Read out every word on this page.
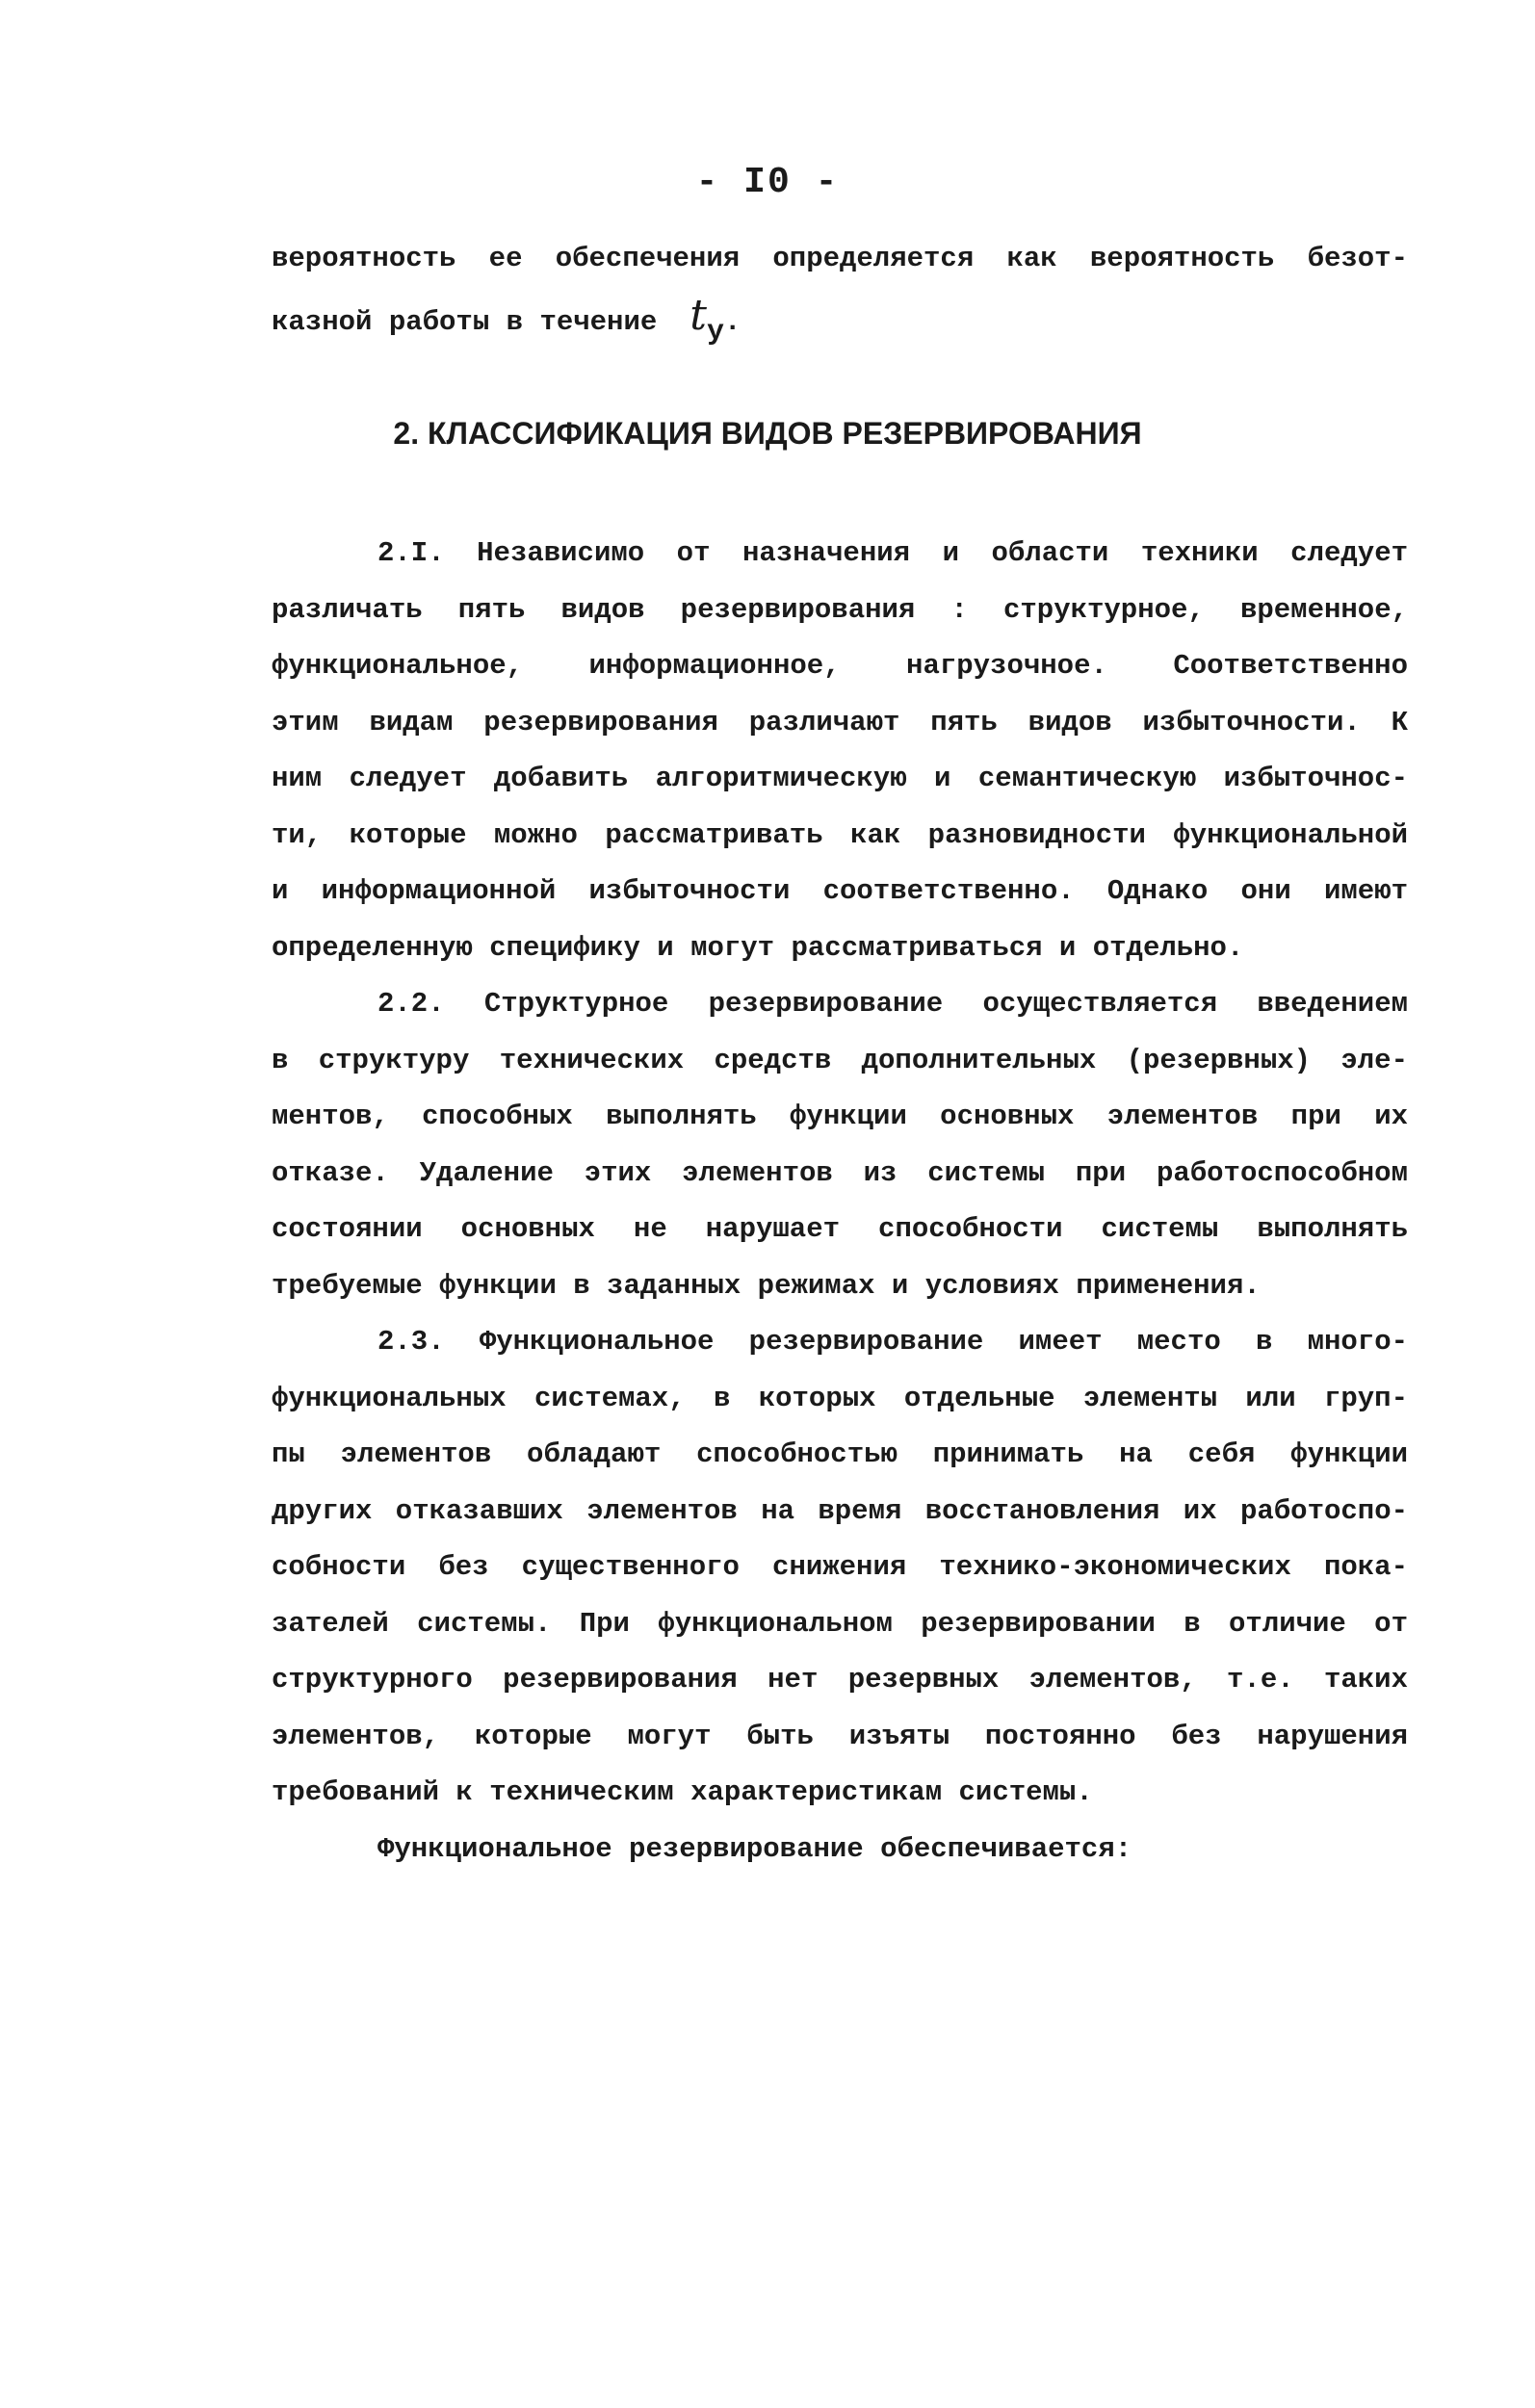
- I0 -
вероятность ее обеспечения определяется как вероятность безот-
казной работы в течение tу.
2. КЛАССИФИКАЦИЯ ВИДОВ РЕЗЕРВИРОВАНИЯ
2.I. Независимо от назначения и области техники следует
различать пять видов резервирования : структурное, временное,
функциональное, информационное, нагрузочное. Соответственно
этим видам резервирования различают пять видов избыточности. К
ним следует добавить алгоритмическую и семантическую избыточнос-
ти, которые можно рассматривать как разновидности функциональной
и информационной избыточности соответственно. Однако они имеют
определенную специфику и могут рассматриваться и отдельно.
2.2. Структурное резервирование осуществляется введением
в структуру технических средств дополнительных (резервных) эле-
ментов, способных выполнять функции основных элементов при их
отказе. Удаление этих элементов из системы при работоспособном
состоянии основных не нарушает способности системы выполнять
требуемые функции в заданных режимах и условиях применения.
2.3. Функциональное резервирование имеет место в много-
функциональных системах, в которых отдельные элементы или груп-
пы элементов обладают способностью принимать на себя функции
других отказавших элементов на время восстановления их работоспо-
собности без существенного снижения технико-экономических пока-
зателей системы. При функциональном резервировании в отличие от
структурного резервирования нет резервных элементов, т.е. таких
элементов, которые могут быть изъяты постоянно без нарушения
требований к техническим характеристикам системы.
Функциональное резервирование обеспечивается:
